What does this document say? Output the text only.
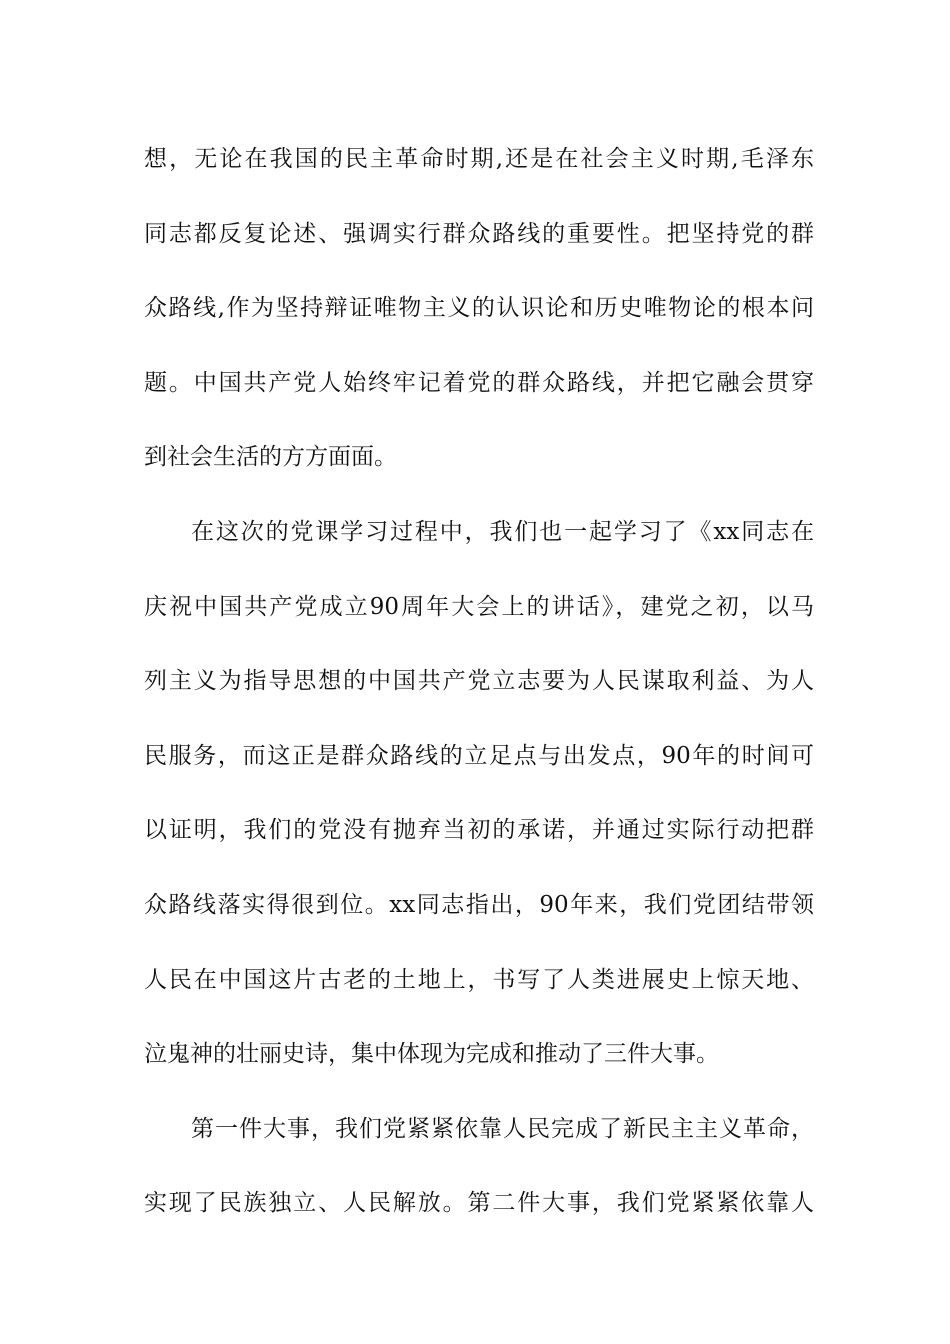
想，无论在我国的民主革命时期,还是在社会主义时期,毛泽东
同志都反复论述、强调实行群众路线的重要性。把坚持党的群
众路线,作为坚持辩证唯物主义的认识论和历史唯物论的根本问
题。中国共产党人始终牢记着党的群众路线，并把它融会贯穿
到社会生活的方方面面。
在这次的党课学习过程中，我们也一起学习了《xx同志在
庆祝中国共产党成立90周年大会上的讲话》，建党之初，以马
列主义为指导思想的中国共产党立志要为人民谋取利益、为人
民服务，而这正是群众路线的立足点与出发点，90年的时间可
以证明，我们的党没有抛弃当初的承诺，并通过实际行动把群
众路线落实得很到位。xx同志指出，90年来，我们党团结带领
人民在中国这片古老的土地上，书写了人类进展史上惊天地、
泣鬼神的壮丽史诗，集中体现为完成和推动了三件大事。
第一件大事，我们党紧紧依靠人民完成了新民主主义革命，
实现了民族独立、人民解放。第二件大事，我们党紧紧依靠人
